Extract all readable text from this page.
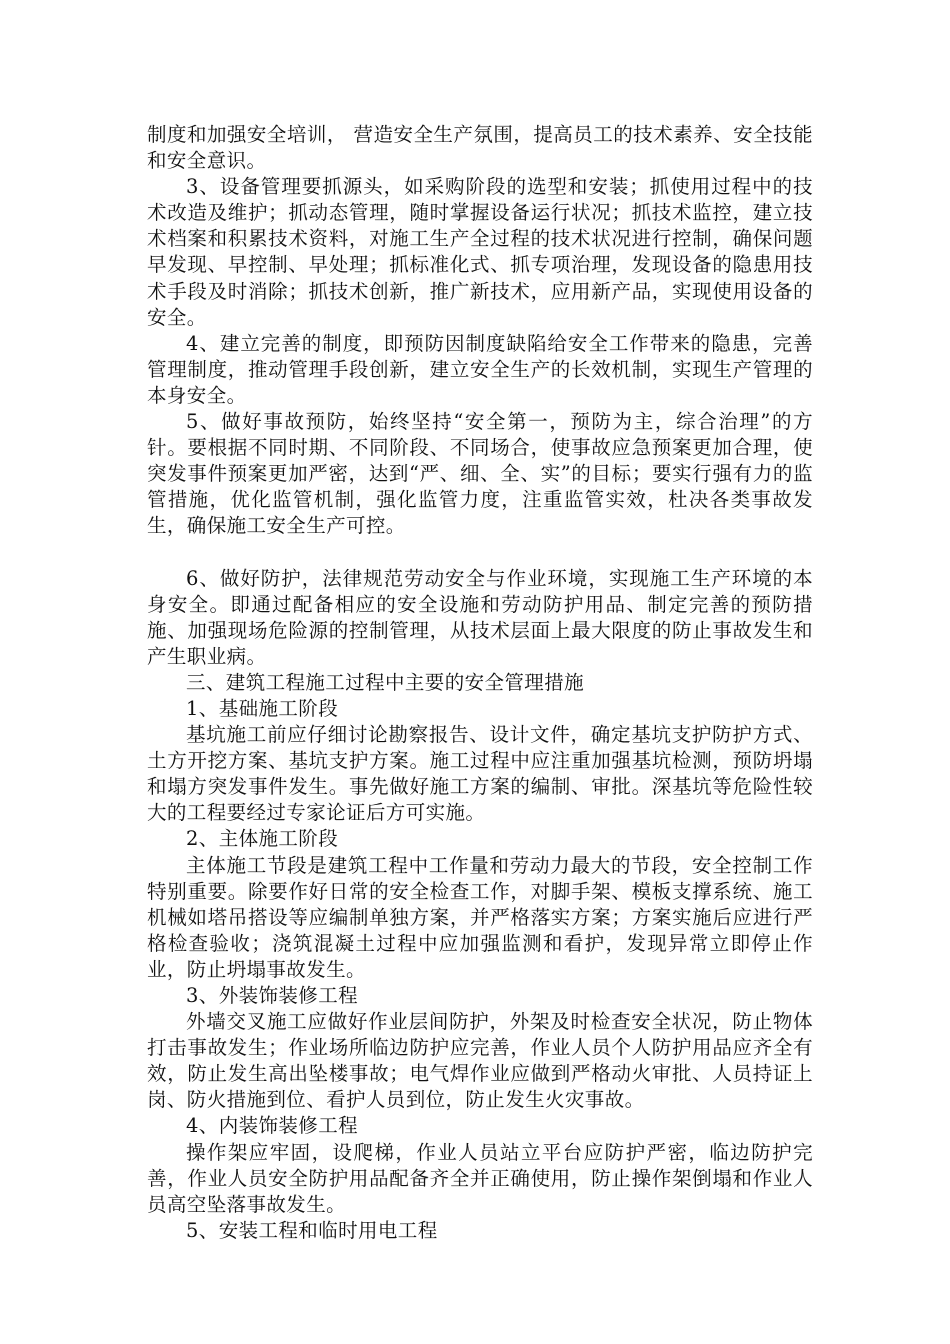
制度和加强安全培训， 营造安全生产氛围，提高员工的技术素养、安全技能和安全意识。

3、设备管理要抓源头，如采购阶段的选型和安装；抓使用过程中的技术改造及维护；抓动态管理，随时掌握设备运行状况；抓技术监控，建立技术档案和积累技术资料，对施工生产全过程的技术状况进行控制，确保问题早发现、早控制、早处理；抓标准化式、抓专项治理，发现设备的隐患用技术手段及时消除；抓技术创新，推广新技术，应用新产品，实现使用设备的安全。

4、建立完善的制度，即预防因制度缺陷给安全工作带来的隐患，完善管理制度，推动管理手段创新，建立安全生产的长效机制，实现生产管理的本身安全。

5、做好事故预防，始终坚持“安全第一，预防为主，综合治理”的方针。要根据不同时期、不同阶段、不同场合，使事故应急预案更加合理，使突发事件预案更加严密，达到“严、细、全、实”的目标；要实行强有力的监管措施，优化监管机制，强化监管力度，注重监管实效，杜决各类事故发生，确保施工安全生产可控。

6、做好防护，法律规范劳动安全与作业环境，实现施工生产环境的本身安全。即通过配备相应的安全设施和劳动防护用品、制定完善的预防措施、加强现场危险源的控制管理，从技术层面上最大限度的防止事故发生和产生职业病。

三、建筑工程施工过程中主要的安全管理措施

1、基础施工阶段

基坑施工前应仔细讨论勘察报告、设计文件，确定基坑支护防护方式、土方开挖方案、基坑支护方案。施工过程中应注重加强基坑检测，预防坍塌和塌方突发事件发生。事先做好施工方案的编制、审批。深基坑等危险性较大的工程要经过专家论证后方可实施。

2、主体施工阶段

主体施工节段是建筑工程中工作量和劳动力最大的节段，安全控制工作特别重要。除要作好日常的安全检查工作，对脚手架、模板支撑系统、施工机械如塔吊搭设等应编制单独方案，并严格落实方案；方案实施后应进行严格检查验收；浇筑混凝土过程中应加强监测和看护，发现异常立即停止作业，防止坍塌事故发生。

3、外装饰装修工程

外墙交叉施工应做好作业层间防护，外架及时检查安全状况，防止物体打击事故发生；作业场所临边防护应完善，作业人员个人防护用品应齐全有效，防止发生高出坠楼事故；电气焊作业应做到严格动火审批、人员持证上岗、防火措施到位、看护人员到位，防止发生火灾事故。

4、内装饰装修工程

操作架应牢固，设爬梯，作业人员站立平台应防护严密，临边防护完善，作业人员安全防护用品配备齐全并正确使用，防止操作架倒塌和作业人员高空坠落事故发生。

5、安装工程和临时用电工程
